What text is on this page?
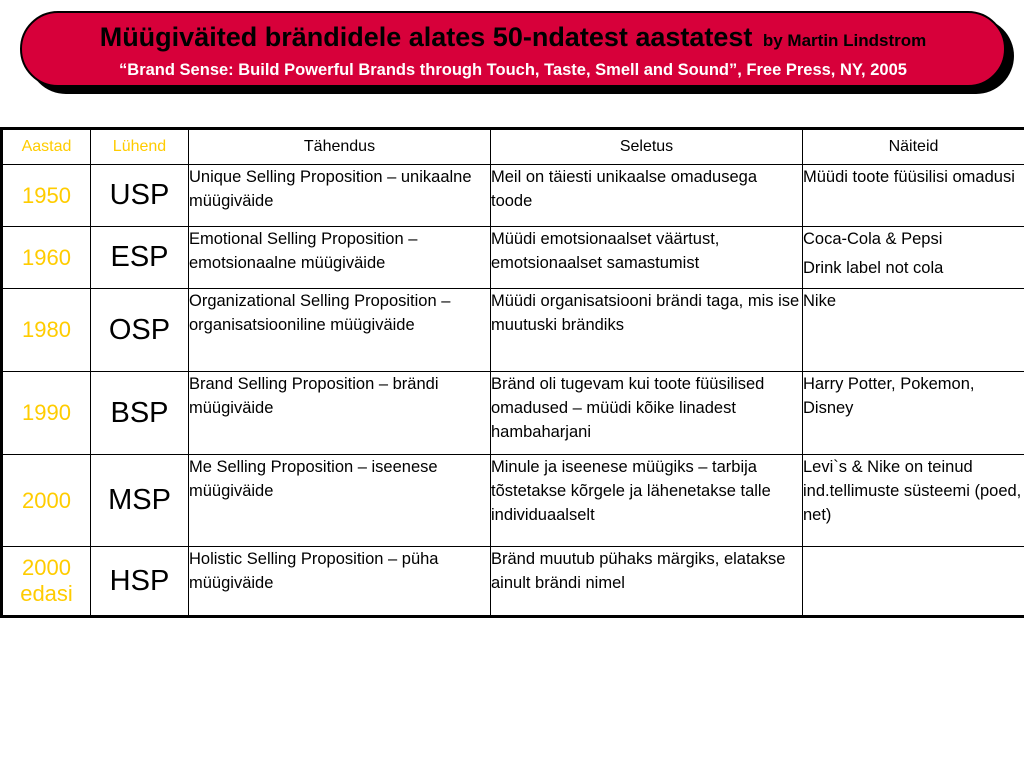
Müügiväited brändidele alates 50-ndatest aastatest by Martin Lindstrom
“Brand Sense: Build Powerful Brands through Touch, Taste, Smell and Sound”, Free Press, NY, 2005
Aastad	Lühend	Tähendus	Seletus	Näiteid
1950	USP	Unique Selling Proposition – unikaalne müügiväide	Meil on täiesti unikaalse omadusega toode	Müüdi toote füüsilisi omadusi

1960	ESP	Emotional Selling Proposition – emotsionaalne müügiväide	Müüdi emotsionaalset väärtust, emotsionaalset samastumist	Coca-Cola & Pepsi
Drink label not cola

1980	OSP	Organizational Selling Proposition – organisatsiooniline müügiväide	Müüdi organisatsiooni brändi taga, mis ise muutuski brändiks	Nike

1990	BSP	Brand Selling Proposition – brändi müügiväide	Bränd oli tugevam kui toote füüsilised omadused – müüdi kõike linadest hambaharjani	Harry Potter, Pokemon, Disney

2000	MSP	Me Selling Proposition – iseenese müügiväide	Minule ja iseenese müügiks – tarbija tõstetakse kõrgele ja lähenetakse talle individuaalselt	Levi`s & Nike on teinud ind.tellimuste süsteemi (poed, net)

2000 edasi	HSP	Holistic Selling Proposition – püha müügiväide	Bränd muutub pühaks märgiks, elatakse ainult brändi nimel	
